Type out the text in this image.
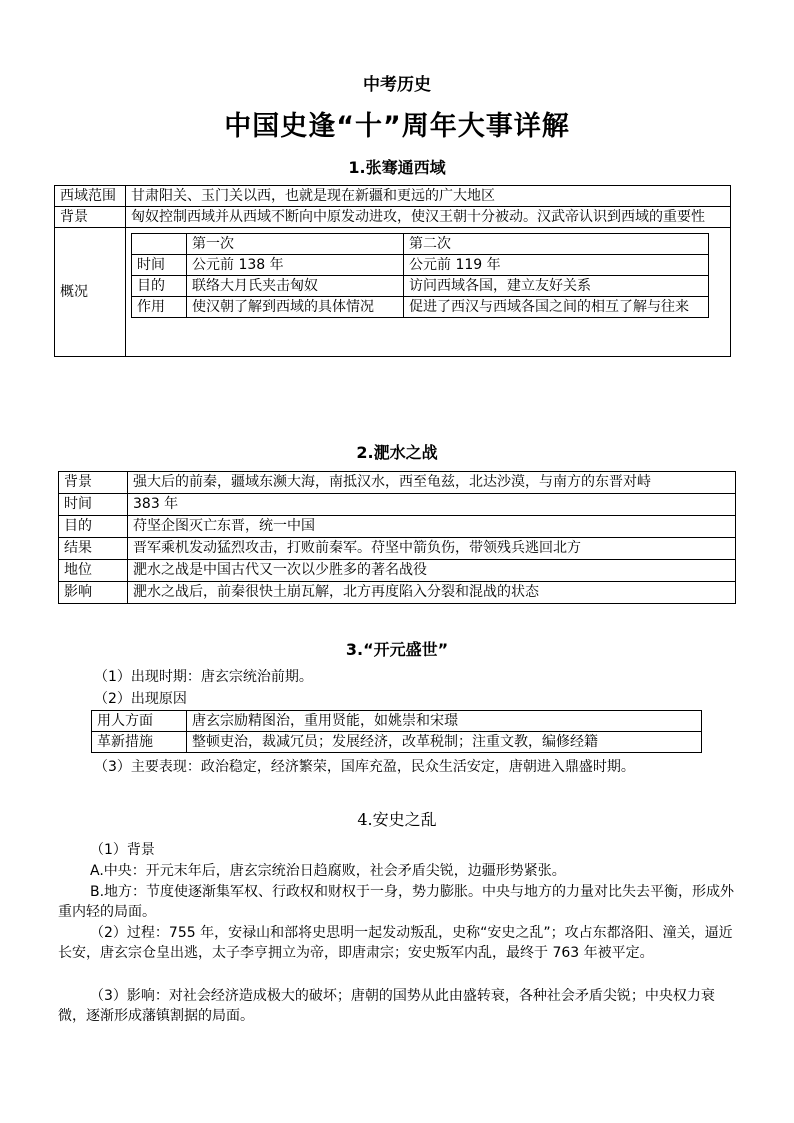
中考历史
中国史逢“十”周年大事详解
1.张骞通西域
西域范围	甘肃阳关、玉门关以西，也就是现在新疆和更远的广大地区
背景	匈奴控制西域并从西域不断向中原发动进攻，使汉王朝十分被动。汉武帝认识到西域的重要性
概况	
	第一次	第二次
时间	公元前 138 年	公元前 119 年
目的	联络大月氏夹击匈奴	访问西域各国，建立友好关系
作用	使汉朝了解到西域的具体情况	促进了西汉与西域各国之间的相互了解与往来
2.淝水之战
背景	强大后的前秦，疆域东濒大海，南抵汉水，西至龟兹，北达沙漠，与南方的东晋对峙
时间	383 年
目的	苻坚企图灭亡东晋，统一中国
结果	晋军乘机发动猛烈攻击，打败前秦军。苻坚中箭负伤，带领残兵逃回北方
地位	淝水之战是中国古代又一次以少胜多的著名战役
影响	淝水之战后，前秦很快土崩瓦解，北方再度陷入分裂和混战的状态
3.“开元盛世”
（1）出现时期：唐玄宗统治前期。
（2）出现原因
用人方面	唐玄宗励精图治，重用贤能，如姚崇和宋璟
革新措施	整顿吏治，裁减冗员；发展经济，改革税制；注重文教，编修经籍
（3）主要表现：政治稳定，经济繁荣，国库充盈，民众生活安定，唐朝进入鼎盛时期。
4.安史之乱
（1）背景
A.中央：开元末年后，唐玄宗统治日趋腐败，社会矛盾尖锐，边疆形势紧张。
B.地方：节度使逐渐集军权、行政权和财权于一身，势力膨胀。中央与地方的力量对比失去平衡，形成外重内轻的局面。
（2）过程：755 年，安禄山和部将史思明一起发动叛乱，史称“安史之乱”；攻占东都洛阳、潼关，逼近长安，唐玄宗仓皇出逃，太子李亨拥立为帝，即唐肃宗；安史叛军内乱，最终于 763 年被平定。
（3）影响：对社会经济造成极大的破坏；唐朝的国势从此由盛转衰，各种社会矛盾尖锐；中央权力衰微，逐渐形成藩镇割据的局面。
